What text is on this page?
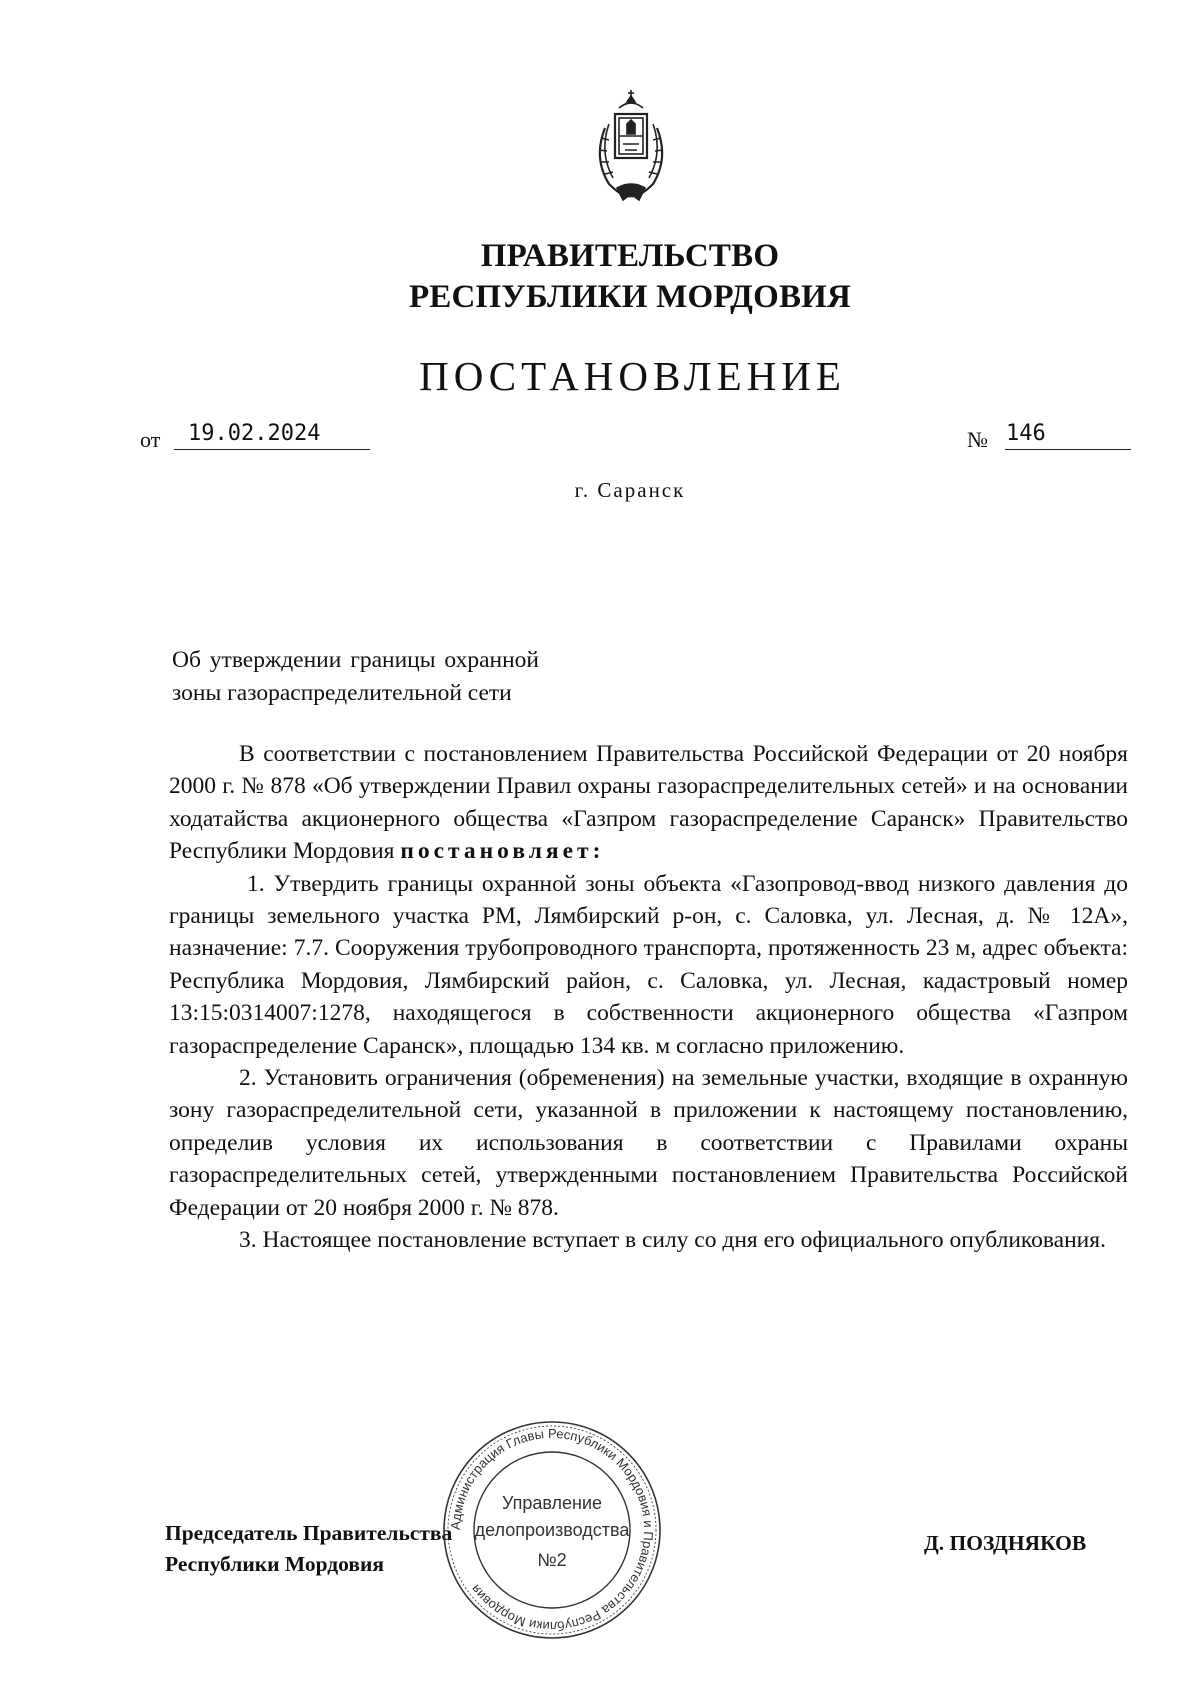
ПРАВИТЕЛЬСТВО
РЕСПУБЛИКИ МОРДОВИЯ
ПОСТАНОВЛЕНИЕ
от 19.02.2024	№ 146
г. Саранск
Об утверждении границы охранной
зоны газораспределительной сети

В соответствии с постановлением Правительства Российской Федерации от 20 ноября 2000 г. № 878 «Об утверждении Правил охраны газораспределительных сетей» и на основании ходатайства акционерного общества «Газпром газораспределение Саранск» Правительство Республики Мордовия постановляет:

1. Утвердить границы охранной зоны объекта «Газопровод-ввод низкого давления до границы земельного участка РМ, Лямбирский р-он, с. Саловка, ул. Лесная, д. № 12А», назначение: 7.7. Сооружения трубопроводного транспорта, протяженность 23 м, адрес объекта: Республика Мордовия, Лямбирский район, с. Саловка, ул. Лесная, кадастровый номер 13:15:0314007:1278, находящегося в собственности акционерного общества «Газпром газораспределение Саранск», площадью 134 кв. м согласно приложению.

2. Установить ограничения (обременения) на земельные участки, входящие в охранную зону газораспределительной сети, указанной в приложении к настоящему постановлению, определив условия их использования в соответствии с Правилами охраны газораспределительных сетей, утвержденными постановлением Правительства Российской Федерации от 20 ноября 2000 г. № 878.

3. Настоящее постановление вступает в силу со дня его официального опубликования.

Председатель Правительства
Республики Мордовия
Д. ПОЗДНЯКОВ
Администрация Главы Республики Мордовия и Правительства Республики Мордовия
Управление
делопроизводства
№2
